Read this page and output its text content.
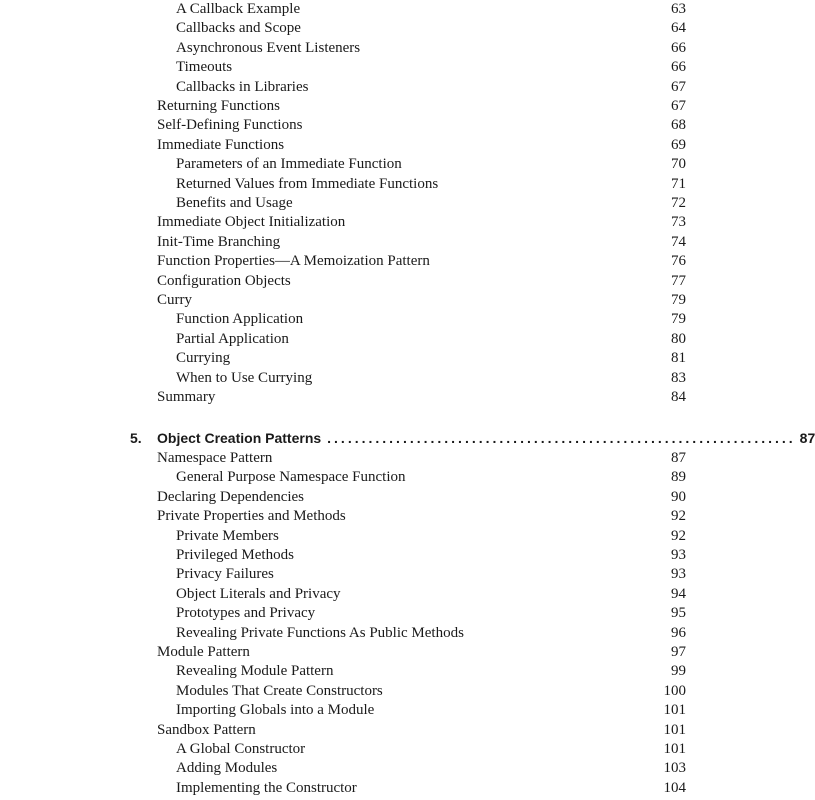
A Callback Example	63
Callbacks and Scope	64
Asynchronous Event Listeners	66
Timeouts	66
Callbacks in Libraries	67
Returning Functions	67
Self-Defining Functions	68
Immediate Functions	69
Parameters of an Immediate Function	70
Returned Values from Immediate Functions	71
Benefits and Usage	72
Immediate Object Initialization	73
Init-Time Branching	74
Function Properties—A Memoization Pattern	76
Configuration Objects	77
Curry	79
Function Application	79
Partial Application	80
Currying	81
When to Use Currying	83
Summary	84
5.	Object Creation Patterns .................................................................... 87
Namespace Pattern	87
General Purpose Namespace Function	89
Declaring Dependencies	90
Private Properties and Methods	92
Private Members	92
Privileged Methods	93
Privacy Failures	93
Object Literals and Privacy	94
Prototypes and Privacy	95
Revealing Private Functions As Public Methods	96
Module Pattern	97
Revealing Module Pattern	99
Modules That Create Constructors	100
Importing Globals into a Module	101
Sandbox Pattern	101
A Global Constructor	101
Adding Modules	103
Implementing the Constructor	104
